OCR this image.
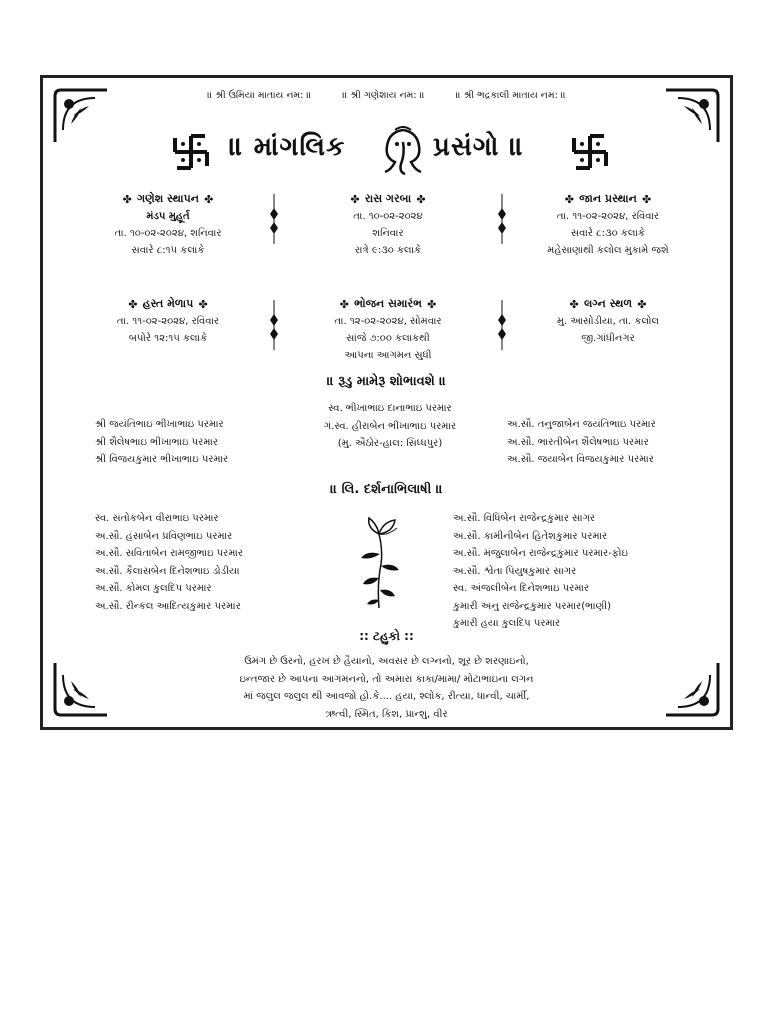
॥ શ્રી ઉમિયા માતાય નમ: ॥	॥ શ્રી ગણેશાય નમ: ॥	॥ શ્રી ભદ્રકાલી માતાય નમ: ॥
॥ માંગલિક	પ્રસંગો ॥
✤ ગણેશ સ્થાપન ✤
મંડપ મુહૂર્ત
તા. ૧૦-૦૨-૨૦૨૪, શનિવાર
સવારે ૮:૧૫ કલાકે
✤ રાસ ગરબા ✤
તા. ૧૦-૦૨-૨૦૨૪
શનિવાર
રાત્રે ૯:૩૦ કલાકે
✤ જાન પ્રસ્થાન ✤
તા. ૧૧-૦૨-૨૦૨૪, રવિવાર
સવારે ૮:૩૦ કલાકે
મહેસાણાથી કલોલ મુકામે જશે
✤ હસ્ત મેળાપ ✤
તા. ૧૧-૦૨-૨૦૨૪, રવિવાર
બપોરે ૧૨:૧૫ કલાકે
✤ ભોજન સમારંભ ✤
તા. ૧૨-૦૨-૨૦૨૪, સોમવાર
સાંજે ૭:૦૦ કલાકથી
આપના આગમન સુધી
✤ લગ્ન સ્થળ ✤
મુ. આસોડીયા, તા. કલોલ
જી.ગાંધીનગર
॥ રૂડુ મામેરૂ શોભાવશે ॥
શ્રી જયંતિભાઇ ભીખાભાઇ પરમાર
શ્રી શૈલેષભાઇ ભીખાભાઇ પરમાર
શ્રી વિજયકુમાર ભીખાભાઇ પરમાર
સ્વ. ભીખાભાઇ દાનાભાઇ પરમાર
ગં.સ્વ. હીરાબેન ભીખાભાઇ પરમાર
(મુ. ઐઠોર-હાલ: સિધ્ધપુર)
અ.સૌ. તનુજાબેન જયંતિભાઇ પરમાર
અ.સૌ. ભારતીબેન શૈલેષભાઇ પરમાર
અ.સૌ. જયાબેન વિજયકુમાર પરમાર
॥ લિ. દર્શનાભિલાષી ॥
સ્વ. સંતોકબેન વીરાભાઇ પરમાર
અ.સૌ. હંસાબેન પ્રવિણભાઇ પરમાર
અ.સૌ. સવિતાબેન રામજીભાઇ પરમાર
અ.સૌ. કૈલાસબેન દિનેશભાઇ ડોડીયા
અ.સૌ. કોમલ કુલદિપ પરમાર
અ.સૌ. રીન્કલ આદિત્યકુમાર પરમાર
અ.સૌ. વિધિબેન રાજેન્દ્રકુમાર સાગર
અ.સૌ. કામીનીબેન હિતેશકુમાર પરમાર
અ.સૌ. મંજુલાબેન રાજેન્દ્રકુમાર પરમાર-ફોઇ
અ.સૌ. શ્વેતા પિયુષકુમાર સાગર
સ્વ. અંજલીબેન દિનેશભાઇ પરમાર
કુમારી અનુ રાજેન્દ્રકુમાર પરમાર(ભાણી)
કુમારી હયા કુલદિપ પરમાર
:: ટહુકો ::
ઉમંગ છે ઉરનો, હરખ છે હૈયાનો, અવસર છે લગ્નનો, શૂર છે શરણાઇનો,
ઇન્તજાર છે આપના આગમનનો, તો અમારા કાકા/મામા/ મોટાભાઇના લગન
માં જલુલ જલુલ થી આવજો હો.કે.... હયા, શ્લોક, રીત્યા, ધાન્વી, ચાર્મી,
ઋત્વી, સ્મિત, કિશ, પ્રાન્શુ, વીર
